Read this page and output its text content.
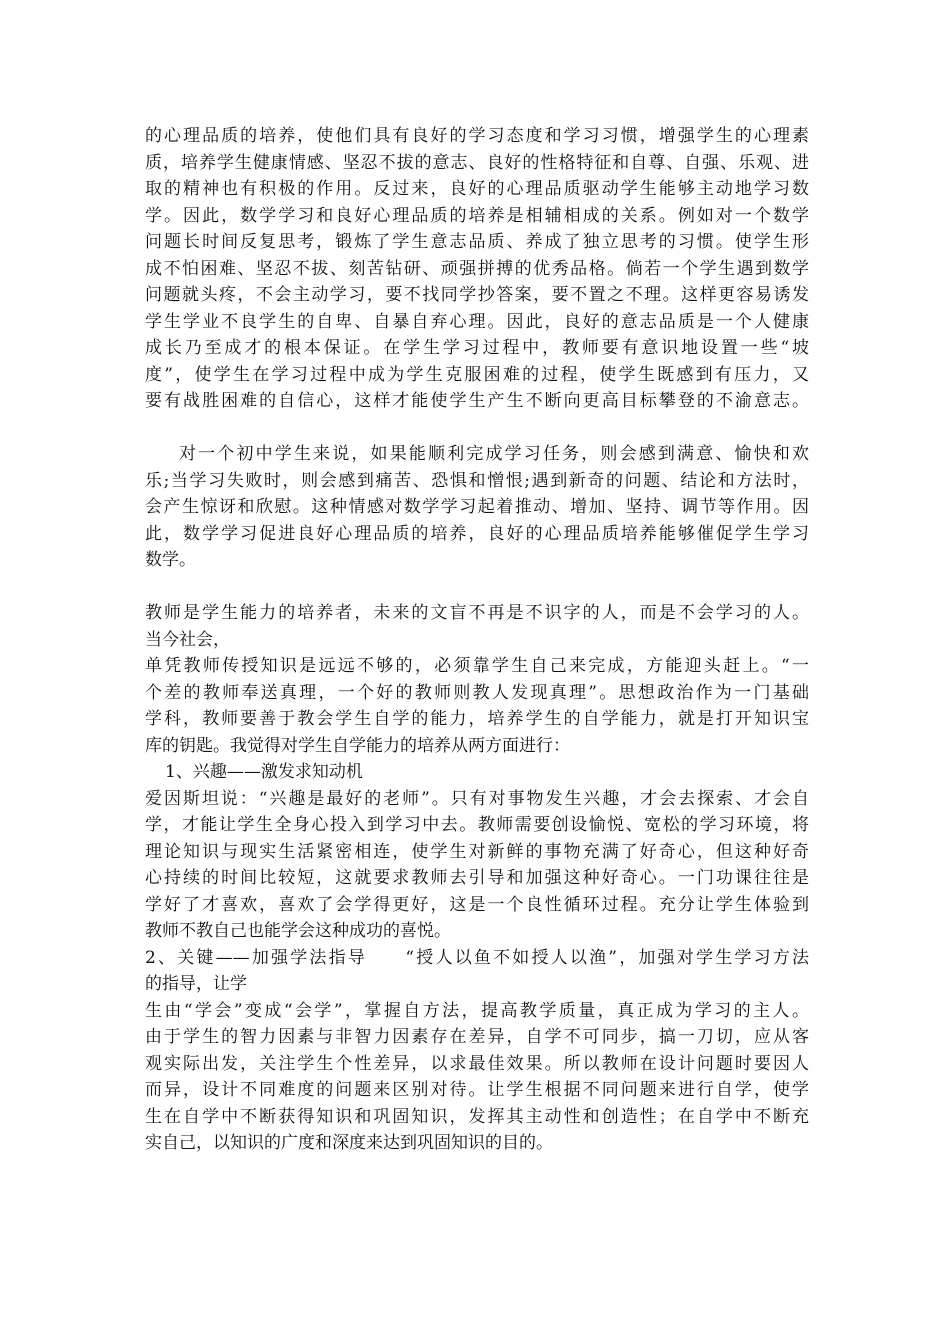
的心理品质的培养，使他们具有良好的学习态度和学习习惯，增强学生的心理素
质，培养学生健康情感、坚忍不拔的意志、良好的性格特征和自尊、自强、乐观、进
取的精神也有积极的作用。反过来，良好的心理品质驱动学生能够主动地学习数
学。因此，数学学习和良好心理品质的培养是相辅相成的关系。例如对一个数学
问题长时间反复思考，锻炼了学生意志品质、养成了独立思考的习惯。使学生形
成不怕困难、坚忍不拔、刻苦钻研、顽强拼搏的优秀品格。倘若一个学生遇到数学
问题就头疼，不会主动学习，要不找同学抄答案，要不置之不理。这样更容易诱发
学生学业不良学生的自卑、自暴自弃心理。因此，良好的意志品质是一个人健康
成长乃至成才的根本保证。在学生学习过程中，教师要有意识地设置一些“坡
度”，使学生在学习过程中成为学生克服困难的过程，使学生既感到有压力，又
要有战胜困难的自信心，这样才能使学生产生不断向更高目标攀登的不渝意志。
对一个初中学生来说，如果能顺利完成学习任务，则会感到满意、愉快和欢
乐;当学习失败时，则会感到痛苦、恐惧和憎恨;遇到新奇的问题、结论和方法时，
会产生惊讶和欣慰。这种情感对数学学习起着推动、增加、坚持、调节等作用。因
此，数学学习促进良好心理品质的培养，良好的心理品质培养能够催促学生学习
数学。
教师是学生能力的培养者，未来的文盲不再是不识字的人，而是不会学习的人。
当今社会，
单凭教师传授知识是远远不够的，必须靠学生自己来完成，方能迎头赶上。“一
个差的教师奉送真理，一个好的教师则教人发现真理”。思想政治作为一门基础
学科，教师要善于教会学生自学的能力，培养学生的自学能力，就是打开知识宝
库的钥匙。我觉得对学生自学能力的培养从两方面进行：
1、兴趣——激发求知动机
爱因斯坦说：“兴趣是最好的老师”。只有对事物发生兴趣，才会去探索、才会自
学，才能让学生全身心投入到学习中去。教师需要创设愉悦、宽松的学习环境，将
理论知识与现实生活紧密相连，使学生对新鲜的事物充满了好奇心，但这种好奇
心持续的时间比较短，这就要求教师去引导和加强这种好奇心。一门功课往往是
学好了才喜欢，喜欢了会学得更好，这是一个良性循环过程。充分让学生体验到
教师不教自己也能学会这种成功的喜悦。
2、关键——加强学法指导　　“授人以鱼不如授人以渔”，加强对学生学习方法
的指导，让学
生由“学会”变成“会学”，掌握自方法，提高教学质量，真正成为学习的主人。
由于学生的智力因素与非智力因素存在差异，自学不可同步，搞一刀切，应从客
观实际出发，关注学生个性差异，以求最佳效果。所以教师在设计问题时要因人
而异，设计不同难度的问题来区别对待。让学生根据不同问题来进行自学，使学
生在自学中不断获得知识和巩固知识，发挥其主动性和创造性；在自学中不断充
实自己，以知识的广度和深度来达到巩固知识的目的。
